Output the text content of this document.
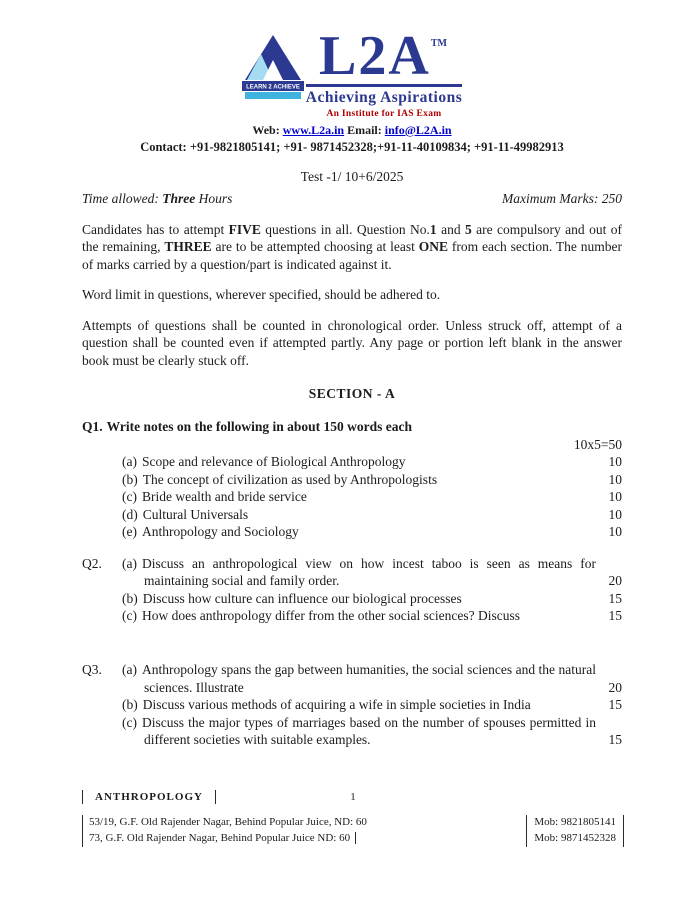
LEARN 2 ACHIEVE
L2A™
Achieving Aspirations
An Institute for IAS Exam
Web: www.L2a.in Email: info@L2A.in
Contact: +91-9821805141; +91- 9871452328;+91-11-40109834; +91-11-49982913
Test -1/ 10+6/2025
Time allowed: Three Hours	Maximum Marks: 250
Candidates has to attempt FIVE questions in all. Question No.1 and 5 are compulsory and out of the remaining, THREE are to be attempted choosing at least ONE from each section. The number of marks carried by a question/part is indicated against it.
Word limit in questions, wherever specified, should be adhered to.
Attempts of questions shall be counted in chronological order. Unless struck off, attempt of a question shall be counted even if attempted partly. Any page or portion left blank in the answer book must be clearly stuck off.
SECTION - A
Q1. Write notes on the following in about 150 words each
10x5=50
(a) Scope and relevance of Biological Anthropology	10
(b) The concept of civilization as used by Anthropologists	10
(c) Bride wealth and bride service	10
(d) Cultural Universals	10
(e) Anthropology and Sociology	10
Q2.	(a) Discuss an anthropological view on how incest taboo is seen as means for maintaining social and family order.	20
(b) Discuss how culture can influence our biological processes	15
(c) How does anthropology differ from the other social sciences? Discuss	15
Q3.	(a) Anthropology spans the gap between humanities, the social sciences and the natural sciences. Illustrate	20
(b) Discuss various methods of acquiring a wife in simple societies in India	15
(c) Discuss the major types of marriages based on the number of spouses permitted in different societies with suitable examples.	15
1
ANTHROPOLOGY
53/19, G.F. Old Rajender Nagar, Behind Popular Juice, ND: 60
73, G.F. Old Rajender Nagar, Behind Popular Juice ND: 60
Mob: 9821805141
Mob: 9871452328
